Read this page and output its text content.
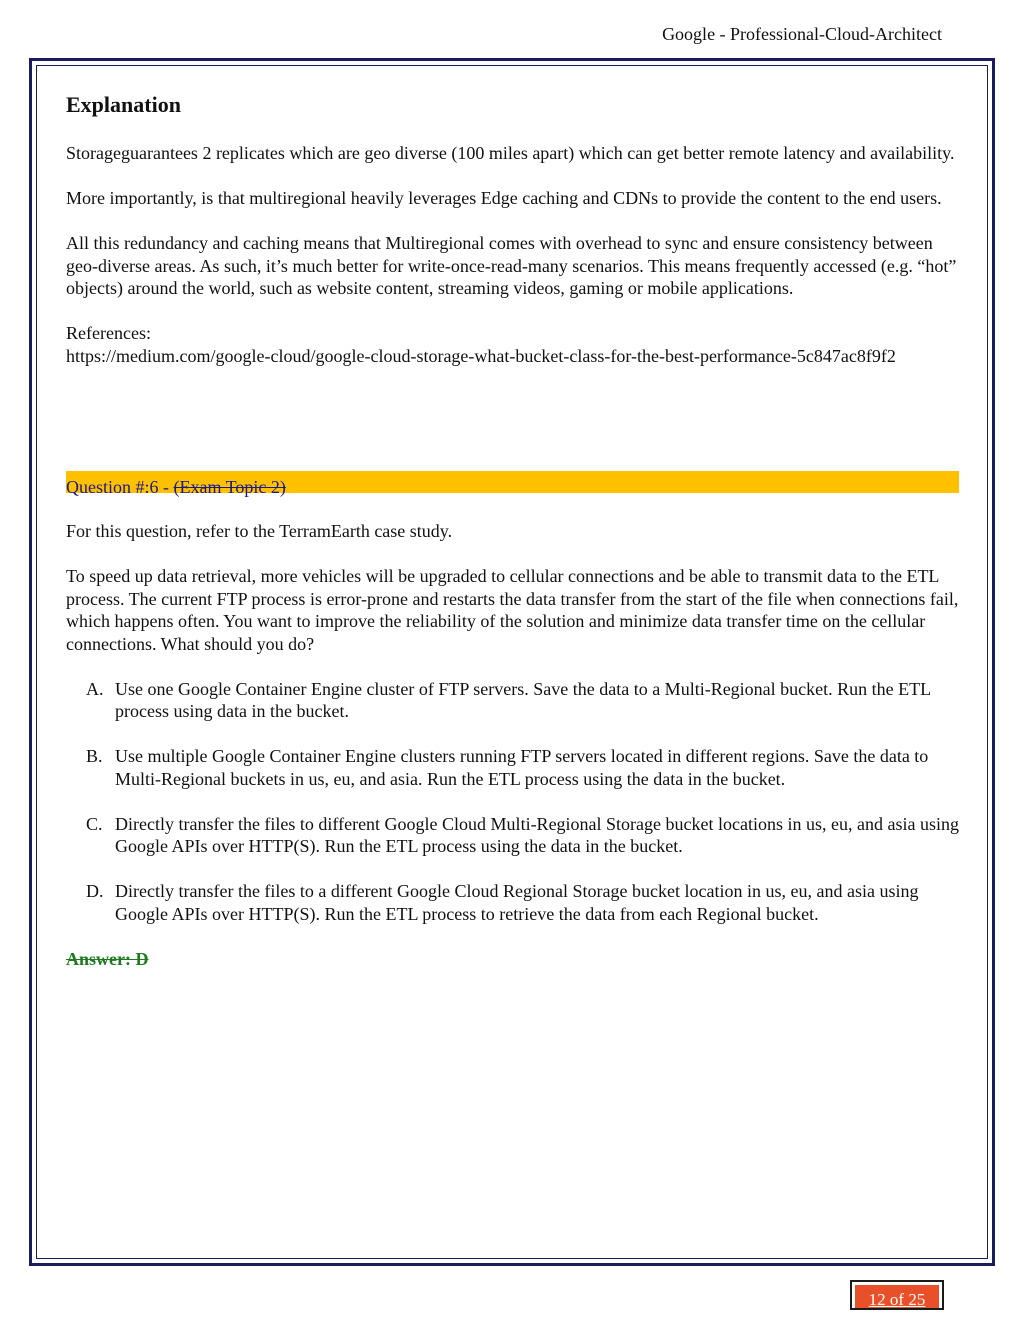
Google - Professional-Cloud-Architect
Explanation

Storageguarantees 2 replicates which are geo diverse (100 miles apart) which can get better remote latency and availability.

More importantly, is that multiregional heavily leverages Edge caching and CDNs to provide the content to the end users.

All this redundancy and caching means that Multiregional comes with overhead to sync and ensure consistency between geo-diverse areas. As such, it’s much better for write-once-read-many scenarios. This means frequently accessed (e.g. “hot” objects) around the world, such as website content, streaming videos, gaming or mobile applications.

References:
https://medium.com/google-cloud/google-cloud-storage-what-bucket-class-for-the-best-performance-5c847ac8f9f2

Question #:6 - (Exam Topic 2)

For this question, refer to the TerramEarth case study.

To speed up data retrieval, more vehicles will be upgraded to cellular connections and be able to transmit data to the ETL process. The current FTP process is error-prone and restarts the data transfer from the start of the file when connections fail, which happens often. You want to improve the reliability of the solution and minimize data transfer time on the cellular connections. What should you do?

A. Use one Google Container Engine cluster of FTP servers. Save the data to a Multi-Regional bucket. Run the ETL process using data in the bucket.
B. Use multiple Google Container Engine clusters running FTP servers located in different regions. Save the data to Multi-Regional buckets in us, eu, and asia. Run the ETL process using the data in the bucket.
C. Directly transfer the files to different Google Cloud Multi-Regional Storage bucket locations in us, eu, and asia using Google APIs over HTTP(S). Run the ETL process using the data in the bucket.
D. Directly transfer the files to a different Google Cloud Regional Storage bucket location in us, eu, and asia using Google APIs over HTTP(S). Run the ETL process to retrieve the data from each Regional bucket.
Answer: D
12 of 25
